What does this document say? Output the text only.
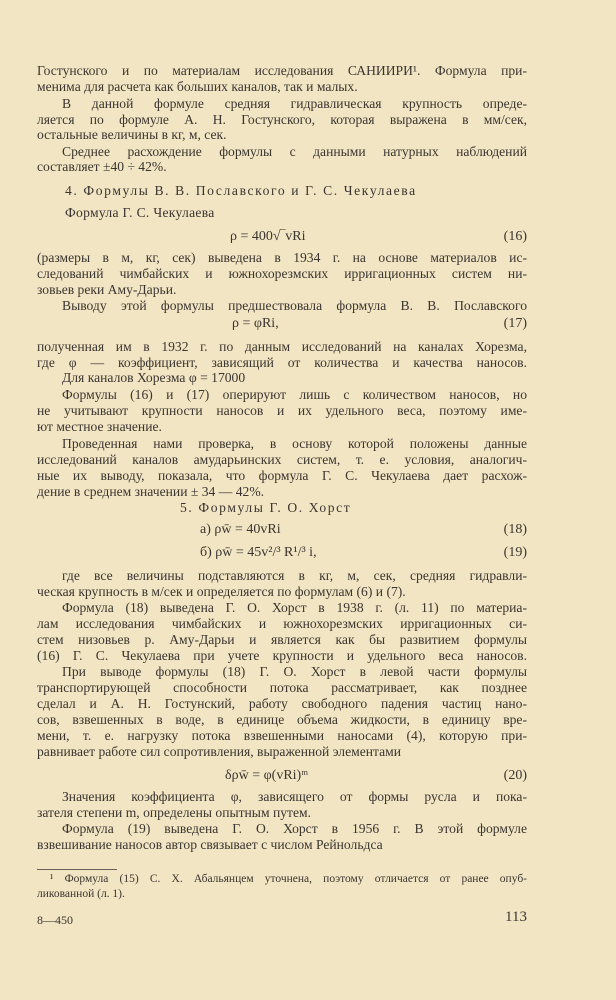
Гостунского и по материалам исследования САНИИРИ¹. Формула при-
менима для расчета как больших каналов, так и малых.
В данной формуле средняя гидравлическая крупность опреде-
ляется по формуле А. Н. Гостунского, которая выражена в мм/сек,
остальные величины в кг, м, сек.
Среднее расхождение формулы с данными натурных наблюдений
составляет ±40 ÷ 42%.
4. Формулы В. В. Пославского и Г. С. Чекулаева
Формула Г. С. Чекулаева
ρ = 400√‾vRi	(16)
(размеры в м, кг, сек) выведена в 1934 г. на основе материалов ис-
следований чимбайских и южнохорезмских ирригационных систем ни-
зовьев реки Аму-Дарьи.
Выводу этой формулы предшествовала формула В. В. Пославского
ρ = φRi,	(17)
полученная им в 1932 г. по данным исследований на каналах Хорезма,
где φ — коэффициент, зависящий от количества и качества наносов.
Для каналов Хорезма φ = 17000
Формулы (16) и (17) оперируют лишь с количеством наносов, но
не учитывают крупности наносов и их удельного веса, поэтому име-
ют местное значение.
Проведенная нами проверка, в основу которой положены данные
исследований каналов амударьинских систем, т. е. условия, аналогич-
ные их выводу, показала, что формула Г. С. Чекулаева дает расхож-
дение в среднем значении ± 34 — 42%.
5. Формулы Г. О. Хорст
а) ρw̄ = 40vRi	(18)
б) ρw̄ = 45v²/³ R¹/³ i,	(19)
где все величины подставляются в кг, м, сек, средняя гидравли-
ческая крупность в м/сек и определяется по формулам (6) и (7).
Формула (18) выведена Г. О. Хорст в 1938 г. (л. 11) по материа-
лам исследования чимбайских и южнохорезмских ирригационных си-
стем низовьев р. Аму-Дарьи и является как бы развитием формулы
(16) Г. С. Чекулаева при учете крупности и удельного веса наносов.
При выводе формулы (18) Г. О. Хорст в левой части формулы
транспортирующей способности потока рассматривает, как позднее
сделал и А. Н. Гостунский, работу свободного падения частиц нано-
сов, взвешенных в воде, в единице объема жидкости, в единицу вре-
мени, т. е. нагрузку потока взвешенными наносами (4), которую при-
равнивает работе сил сопротивления, выраженной элементами
δρw̄ = φ(vRi)ᵐ	(20)
Значения коэффициента φ, зависящего от формы русла и пока-
зателя степени m, определены опытным путем.
Формула (19) выведена Г. О. Хорст в 1956 г. В этой формуле
взвешивание наносов автор связывает с числом Рейнольдса
¹ Формула (15) С. Х. Абальянцем уточнена, поэтому отличается от ранее опуб-
ликованной (л. 1).
8—450	113
